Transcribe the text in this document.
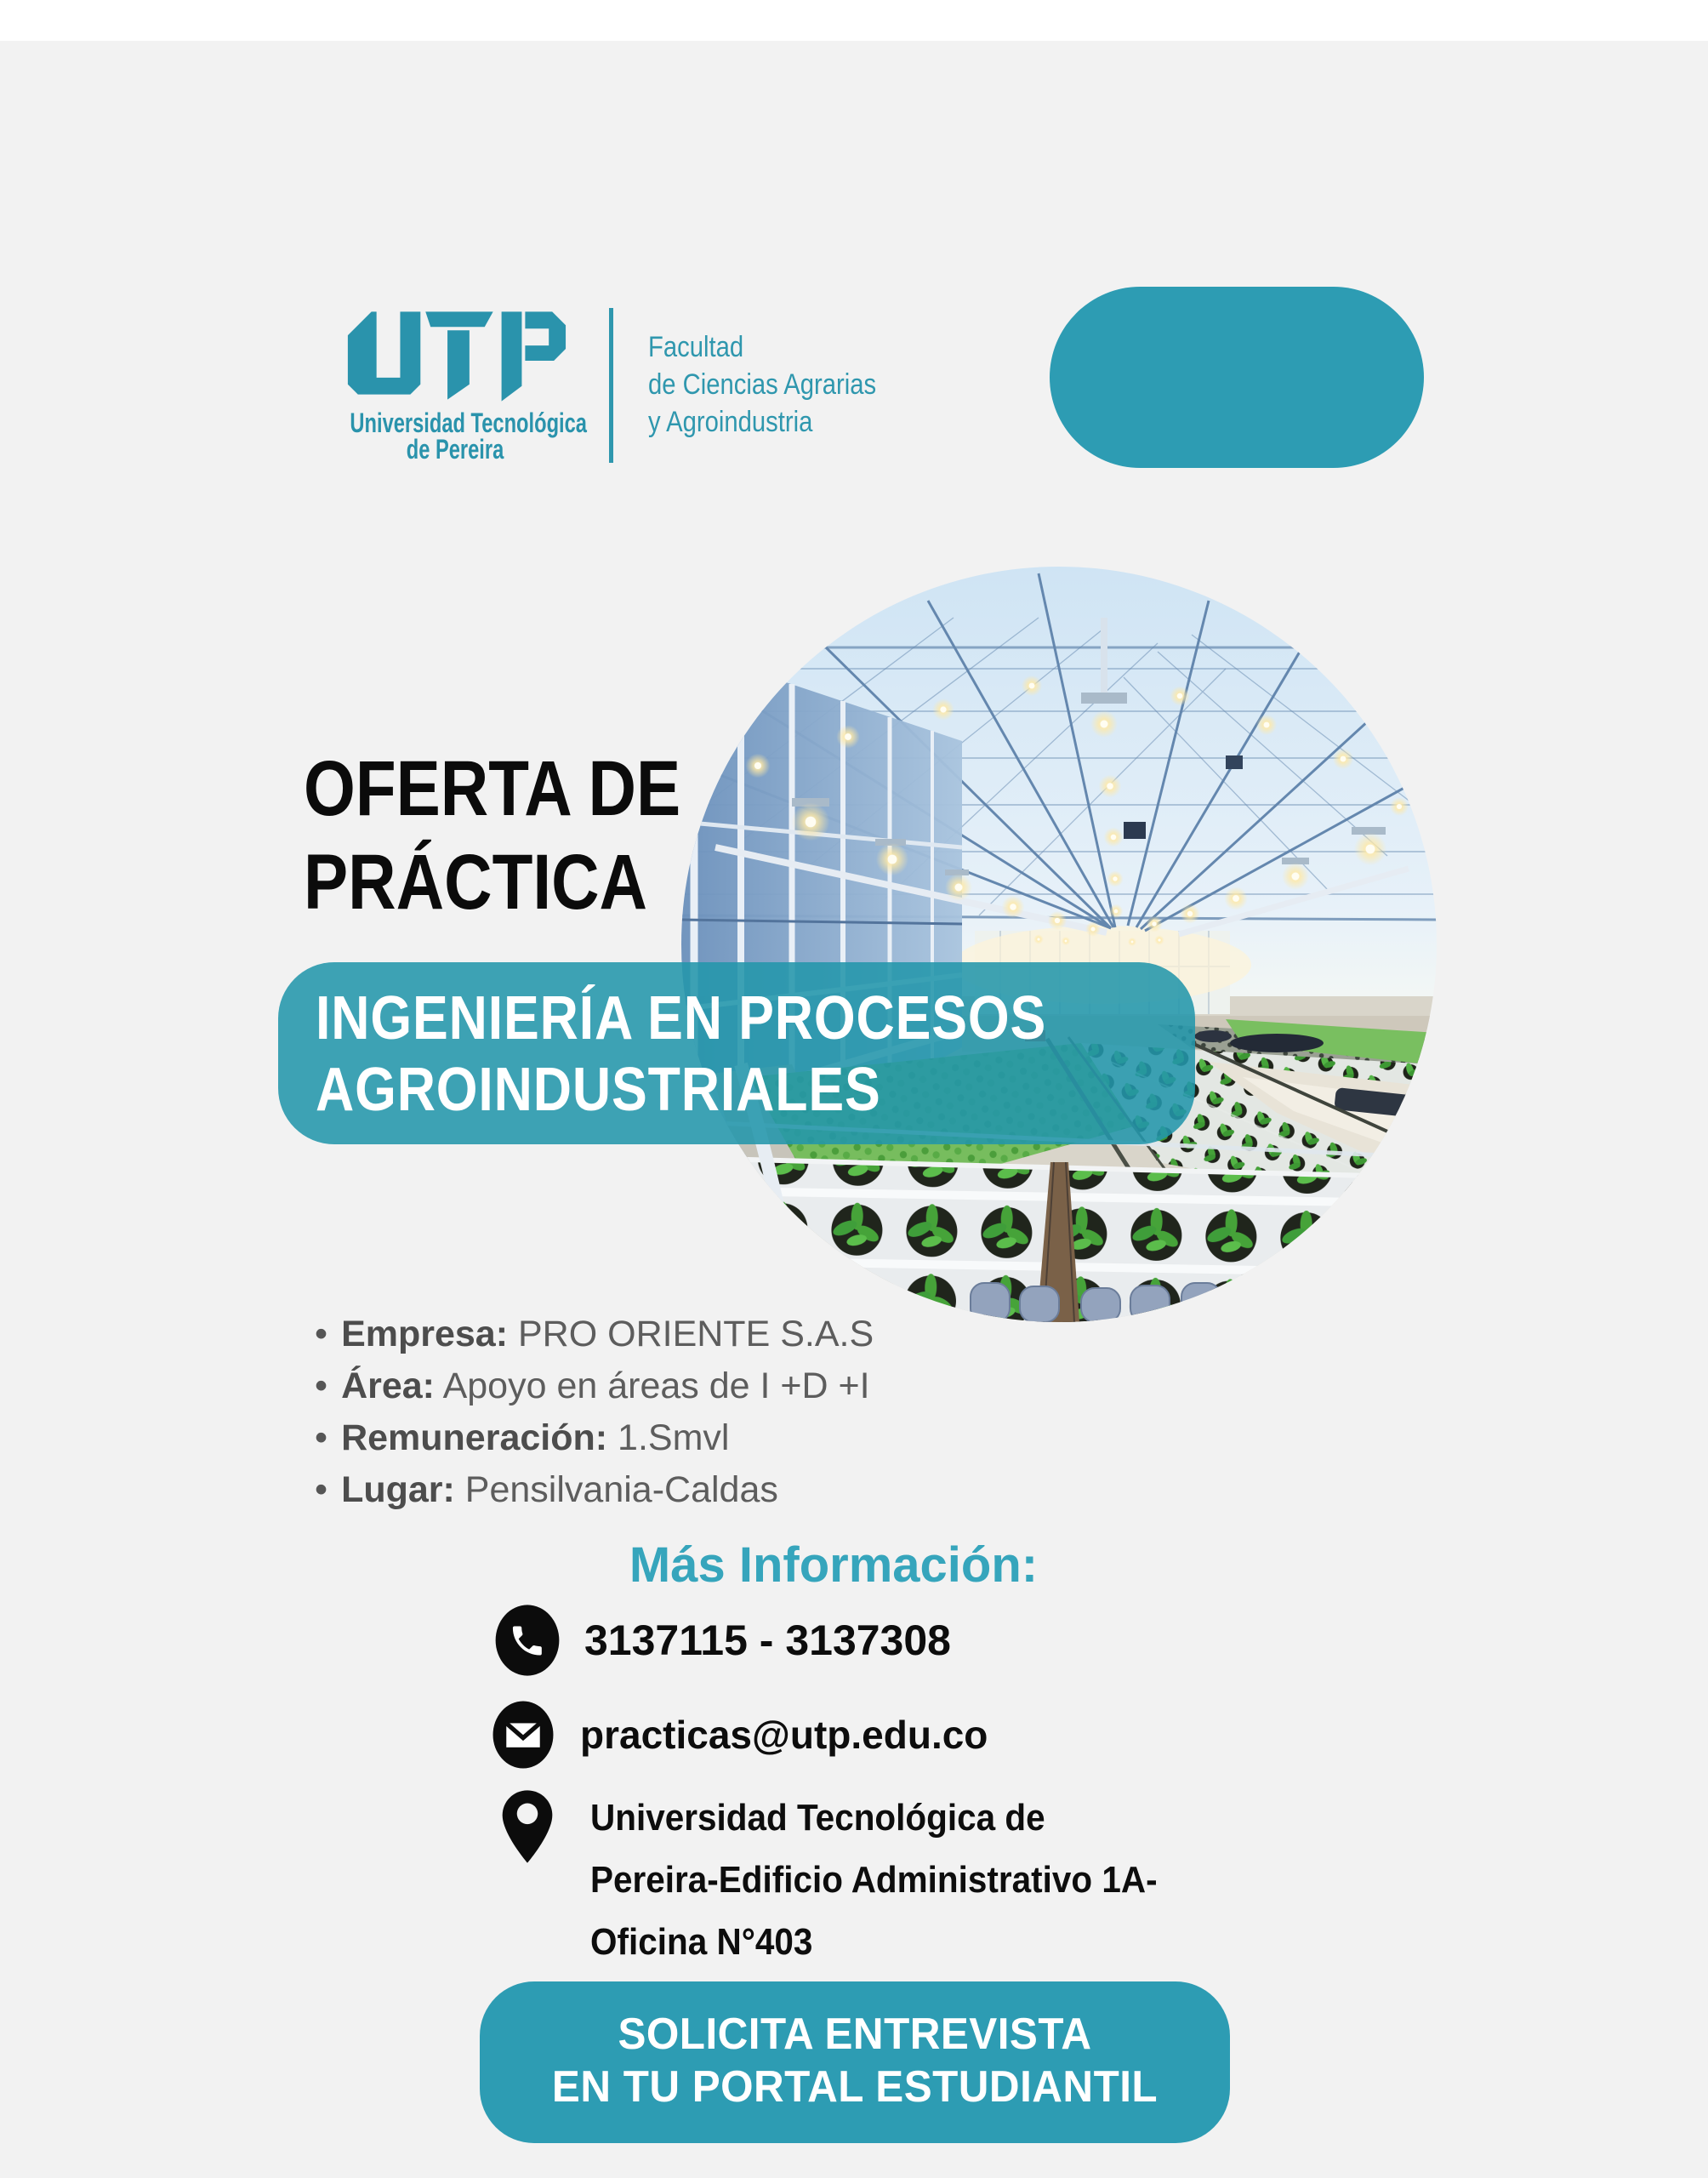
Universidad Tecnológica
de Pereira
Facultad
de Ciencias Agrarias
y Agroindustria
OFERTA DE
PRÁCTICA
INGENIERÍA EN PROCESOS
AGROINDUSTRIALES
• Empresa: PRO ORIENTE S.A.S
• Área: Apoyo en áreas de I +D +I
• Remuneración: 1.Smvl
• Lugar: Pensilvania-Caldas
Más Información:
3137115 - 3137308
practicas@utp.edu.co
Universidad Tecnológica de
Pereira-Edificio Administrativo 1A-
Oficina N°403
SOLICITA ENTREVISTA
EN TU PORTAL ESTUDIANTIL
